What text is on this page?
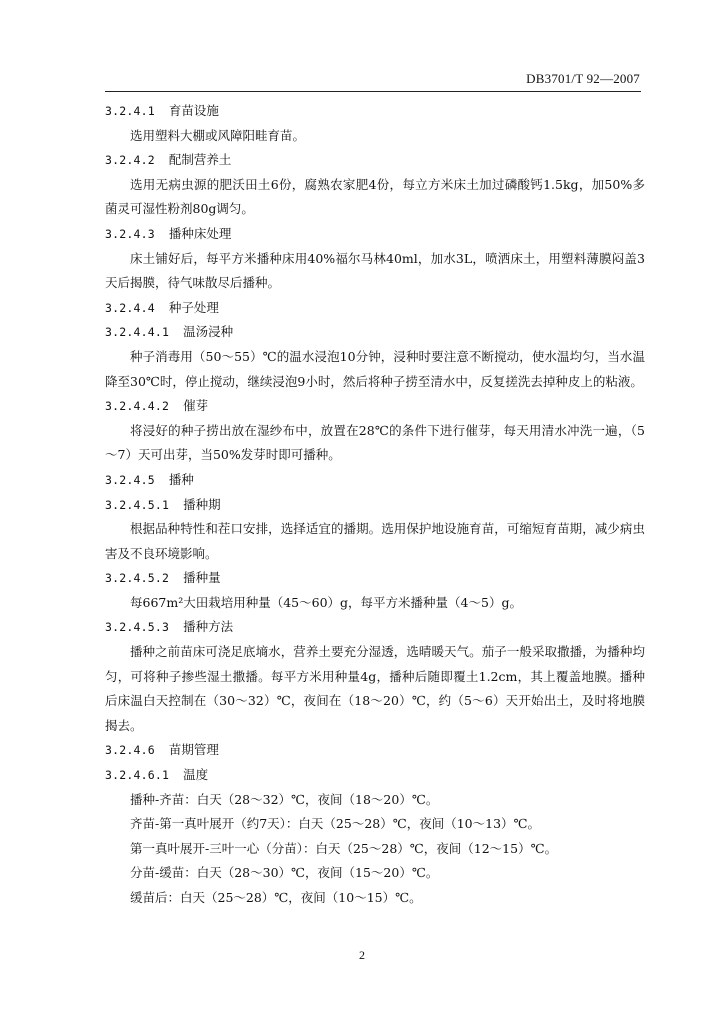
DB3701/T 92—2007

3.2.4.1 育苗设施

选用塑料大棚或风障阳畦育苗。

3.2.4.2 配制营养土

选用无病虫源的肥沃田土6份，腐熟农家肥4份，每立方米床土加过磷酸钙1.5kg，加50%多菌灵可湿性粉剂80g调匀。

3.2.4.3 播种床处理

床土铺好后，每平方米播种床用40%福尔马林40ml，加水3L，喷洒床土，用塑料薄膜闷盖3天后揭膜，待气味散尽后播种。

3.2.4.4 种子处理

3.2.4.4.1 温汤浸种

种子消毒用（50～55）℃的温水浸泡10分钟，浸种时要注意不断搅动，使水温均匀，当水温降至30℃时，停止搅动，继续浸泡9小时，然后将种子捞至清水中，反复搓洗去掉种皮上的粘液。

3.2.4.4.2 催芽

将浸好的种子捞出放在湿纱布中，放置在28℃的条件下进行催芽，每天用清水冲洗一遍，（5～7）天可出芽，当50%发芽时即可播种。

3.2.4.5 播种

3.2.4.5.1 播种期

根据品种特性和茬口安排，选择适宜的播期。选用保护地设施育苗，可缩短育苗期，减少病虫害及不良环境影响。

3.2.4.5.2 播种量

每667m²大田栽培用种量（45～60）g，每平方米播种量（4～5）g。

3.2.4.5.3 播种方法

播种之前苗床可浇足底墒水，营养土要充分湿透，选晴暖天气。茄子一般采取撒播，为播种均匀，可将种子掺些湿土撒播。每平方米用种量4g，播种后随即覆土1.2cm，其上覆盖地膜。播种后床温白天控制在（30～32）℃，夜间在（18～20）℃，约（5～6）天开始出土，及时将地膜揭去。

3.2.4.6 苗期管理

3.2.4.6.1 温度

播种-齐苗：白天（28～32）℃，夜间（18～20）℃。

齐苗-第一真叶展开（约7天）：白天（25～28）℃，夜间（10～13）℃。

第一真叶展开-三叶一心（分苗）：白天（25～28）℃，夜间（12～15）℃。

分苗-缓苗：白天（28～30）℃，夜间（15～20）℃。

缓苗后：白天（25～28）℃，夜间（10～15）℃。

2
